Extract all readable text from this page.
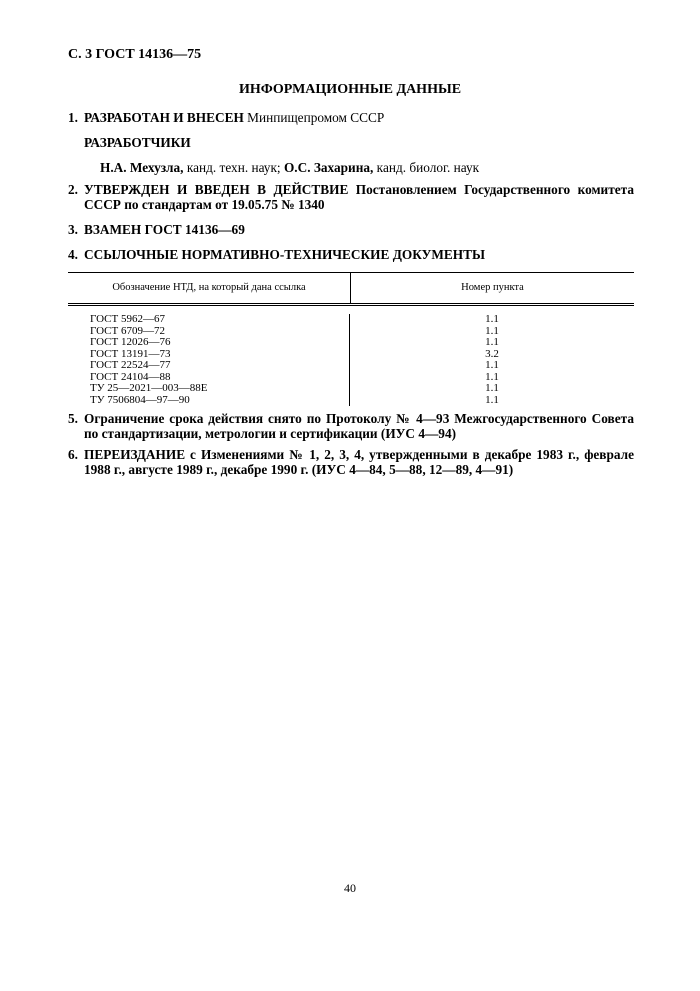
С. 3 ГОСТ 14136—75
ИНФОРМАЦИОННЫЕ ДАННЫЕ
1. РАЗРАБОТАН И ВНЕСЕН Минпищепромом СССР
РАЗРАБОТЧИКИ
Н.А. Мехузла, канд. техн. наук; О.С. Захарина, канд. биолог. наук
2. УТВЕРЖДЕН И ВВЕДЕН В ДЕЙСТВИЕ Постановлением Государственного комитета СССР по стандартам от 19.05.75 № 1340
3. ВЗАМЕН ГОСТ 14136—69
4. ССЫЛОЧНЫЕ НОРМАТИВНО-ТЕХНИЧЕСКИЕ ДОКУМЕНТЫ
Обозначение НТД, на который дана ссылка	Номер пункта
ГОСТ 5962—67
ГОСТ 6709—72
ГОСТ 12026—76
ГОСТ 13191—73
ГОСТ 22524—77
ГОСТ 24104—88
ТУ 25—2021—003—88Е
ТУ 7506804—97—90
1.1
1.1
1.1
3.2
1.1
1.1
1.1
1.1
5. Ограничение срока действия снято по Протоколу № 4—93 Межгосударственного Совета по стандартизации, метрологии и сертификации (ИУС 4—94)
6. ПЕРЕИЗДАНИЕ с Изменениями № 1, 2, 3, 4, утвержденными в декабре 1983 г., феврале 1988 г., августе 1989 г., декабре 1990 г. (ИУС 4—84, 5—88, 12—89, 4—91)
40
